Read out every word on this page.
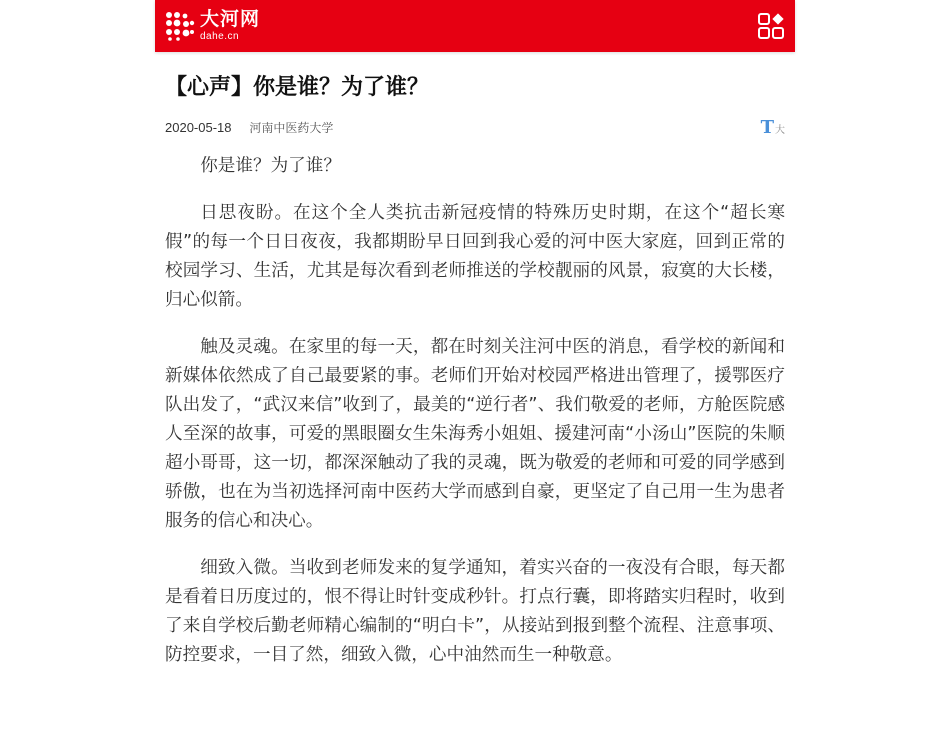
大河网
dahe.cn
【心声】你是谁？为了谁？
2020-05-18 河南中医药大学	T 大

你是谁？为了谁？

日思夜盼。在这个全人类抗击新冠疫情的特殊历史时期，在这个“超长寒假”的每一个日日夜夜，我都期盼早日回到我心爱的河中医大家庭，回到正常的校园学习、生活，尤其是每次看到老师推送的学校靓丽的风景，寂寞的大长楼，归心似箭。

触及灵魂。在家里的每一天，都在时刻关注河中医的消息，看学校的新闻和新媒体依然成了自己最要紧的事。老师们开始对校园严格进出管理了，援鄂医疗队出发了，“武汉来信”收到了，最美的“逆行者”、我们敬爱的老师，方舱医院感人至深的故事，可爱的黑眼圈女生朱海秀小姐姐、援建河南“小汤山”医院的朱顺超小哥哥，这一切，都深深触动了我的灵魂，既为敬爱的老师和可爱的同学感到骄傲，也在为当初选择河南中医药大学而感到自豪，更坚定了自己用一生为患者服务的信心和决心。

细致入微。当收到老师发来的复学通知，着实兴奋的一夜没有合眼，每天都是看着日历度过的，恨不得让时针变成秒针。打点行囊，即将踏实归程时，收到了来自学校后勤老师精心编制的“明白卡”，从接站到报到整个流程、注意事项、防控要求，一目了然，细致入微，心中油然而生一种敬意。
